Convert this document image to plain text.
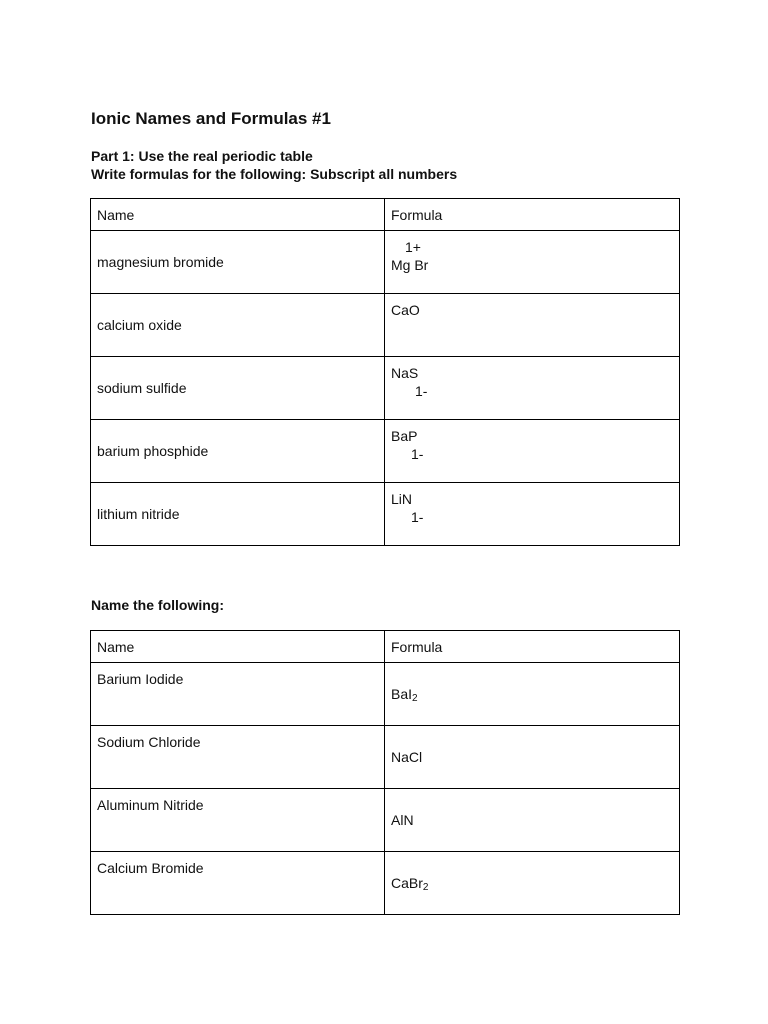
Ionic Names and Formulas #1
Part 1: Use the real periodic table
Write formulas for the following: Subscript all numbers
Name	Formula
magnesium bromide	1+
Mg Br
calcium oxide	CaO

sodium sulfide	NaS
1-

barium phosphide	BaP
1-

lithium nitride	LiN
1-
Name the following:
Name	Formula
Barium Iodide	BaI2
Sodium Chloride	NaCl
Aluminum Nitride	AlN
Calcium Bromide	CaBr2
